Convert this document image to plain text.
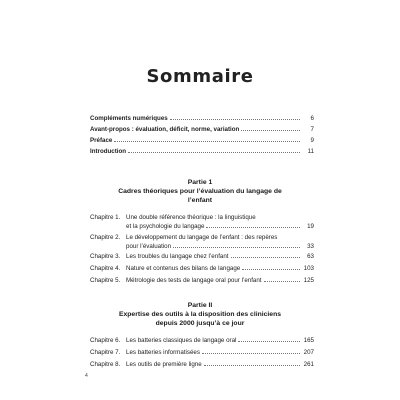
Sommaire
Compléments numériques	6
Avant-propos : évaluation, déficit, norme, variation	7
Préface	9
Introduction	11
Partie 1
Cadres théoriques pour l’évaluation du langage de l’enfant
Chapitre 1. Une double référence théorique : la linguistique
et la psychologie du langage	19
Chapitre 2. Le développement du langage de l’enfant : des repères
pour l’évaluation	33
Chapitre 3. Les troubles du langage chez l’enfant	63
Chapitre 4. Nature et contenus des bilans de langage	103
Chapitre 5. Métrologie des tests de langage oral pour l’enfant	125
Partie II
Expertise des outils à la disposition des cliniciens depuis 2000 jusqu’à ce jour
Chapitre 6. Les batteries classiques de langage oral	165
Chapitre 7. Les batteries informatisées	207
Chapitre 8. Les outils de première ligne	261
4
